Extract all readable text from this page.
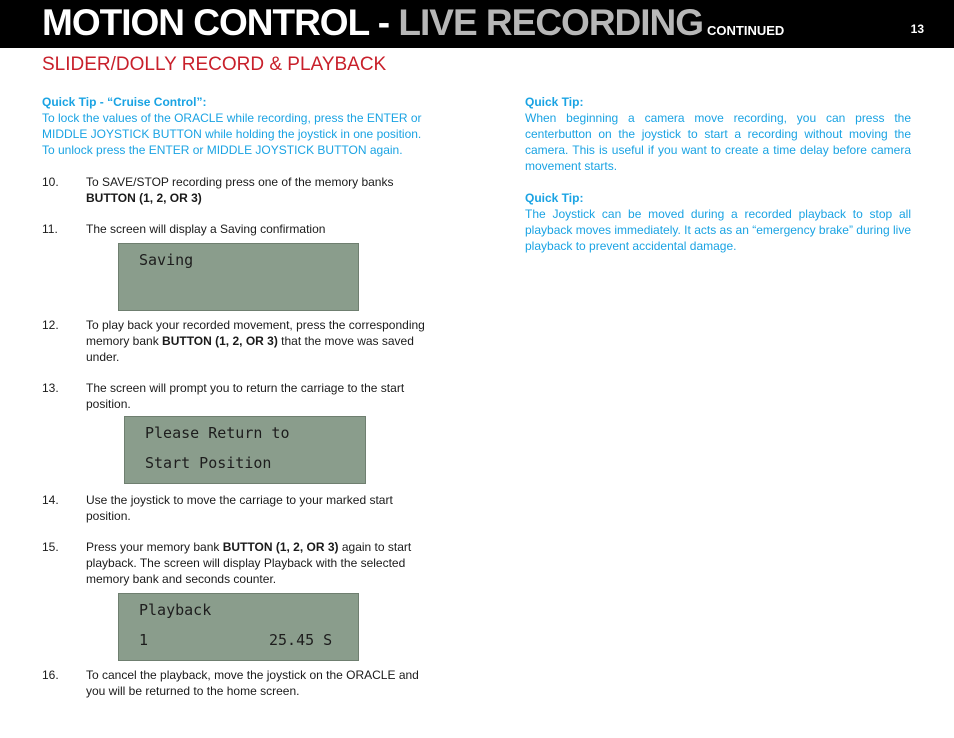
MOTION CONTROL - LIVE RECORDING CONTINUED	13
SLIDER/DOLLY RECORD & PLAYBACK
Quick Tip - “Cruise Control”:
To lock the values of the ORACLE while recording, press the ENTER or MIDDLE JOYSTICK BUTTON while holding the joystick in one position. To unlock press the ENTER or MIDDLE JOYSTICK BUTTON again.
10. To SAVE/STOP recording press one of the memory banks
BUTTON (1, 2, OR 3)
11. The screen will display a Saving confirmation
Saving
12. To play back your recorded movement, press the corresponding memory bank BUTTON (1, 2, OR 3) that the move was saved under.
13. The screen will prompt you to return the carriage to the start position.
Please Return to
Start Position
14. Use the joystick to move the carriage to your marked start position.
15. Press your memory bank BUTTON (1, 2, OR 3) again to start playback. The screen will display Playback with the selected memory bank and seconds counter.
Playback
1	25.45 S
16. To cancel the playback, move the joystick on the ORACLE and you will be returned to the home screen.
Quick Tip:
When beginning a camera move recording, you can press the centerbutton on the joystick to start a recording without moving the camera. This is useful if you want to create a time delay before camera movement starts.
Quick Tip:
The Joystick can be moved during a recorded playback to stop all playback moves immediately. It acts as an “emergency brake” during live playback to prevent accidental damage.
